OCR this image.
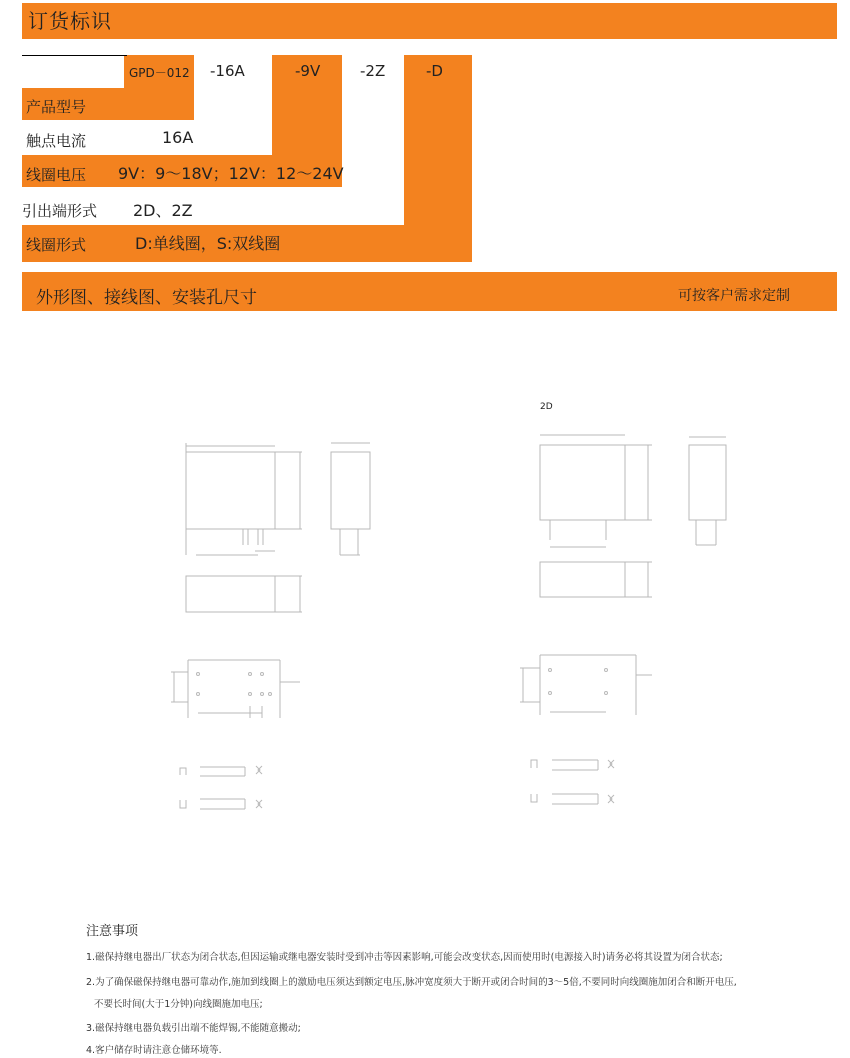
订货标识
GPD－012 -16A	-9V	-2Z	-D
产品型号
触点电流	16A
线圈电压 9V：9～18V；12V：12～24V
引出端形式 2D、2Z
线圈形式	D:单线圈，S:双线圈
外形图、接线图、安装孔尺寸	可按客户需求定制
2D
注意事项
1.磁保持继电器出厂状态为闭合状态,但因运输或继电器安装时受到冲击等因素影响,可能会改变状态,因而使用时(电源接入时)请务必将其设置为闭合状态;
2.为了确保磁保持继电器可靠动作,施加到线圈上的激励电压须达到额定电压,脉冲宽度须大于断开或闭合时间的3～5倍,不要同时向线圈施加闭合和断开电压,
不要长时间(大于1分钟)向线圈施加电压;
3.磁保持继电器负载引出端不能焊锡,不能随意搬动;
4.客户储存时请注意仓储环境等.
